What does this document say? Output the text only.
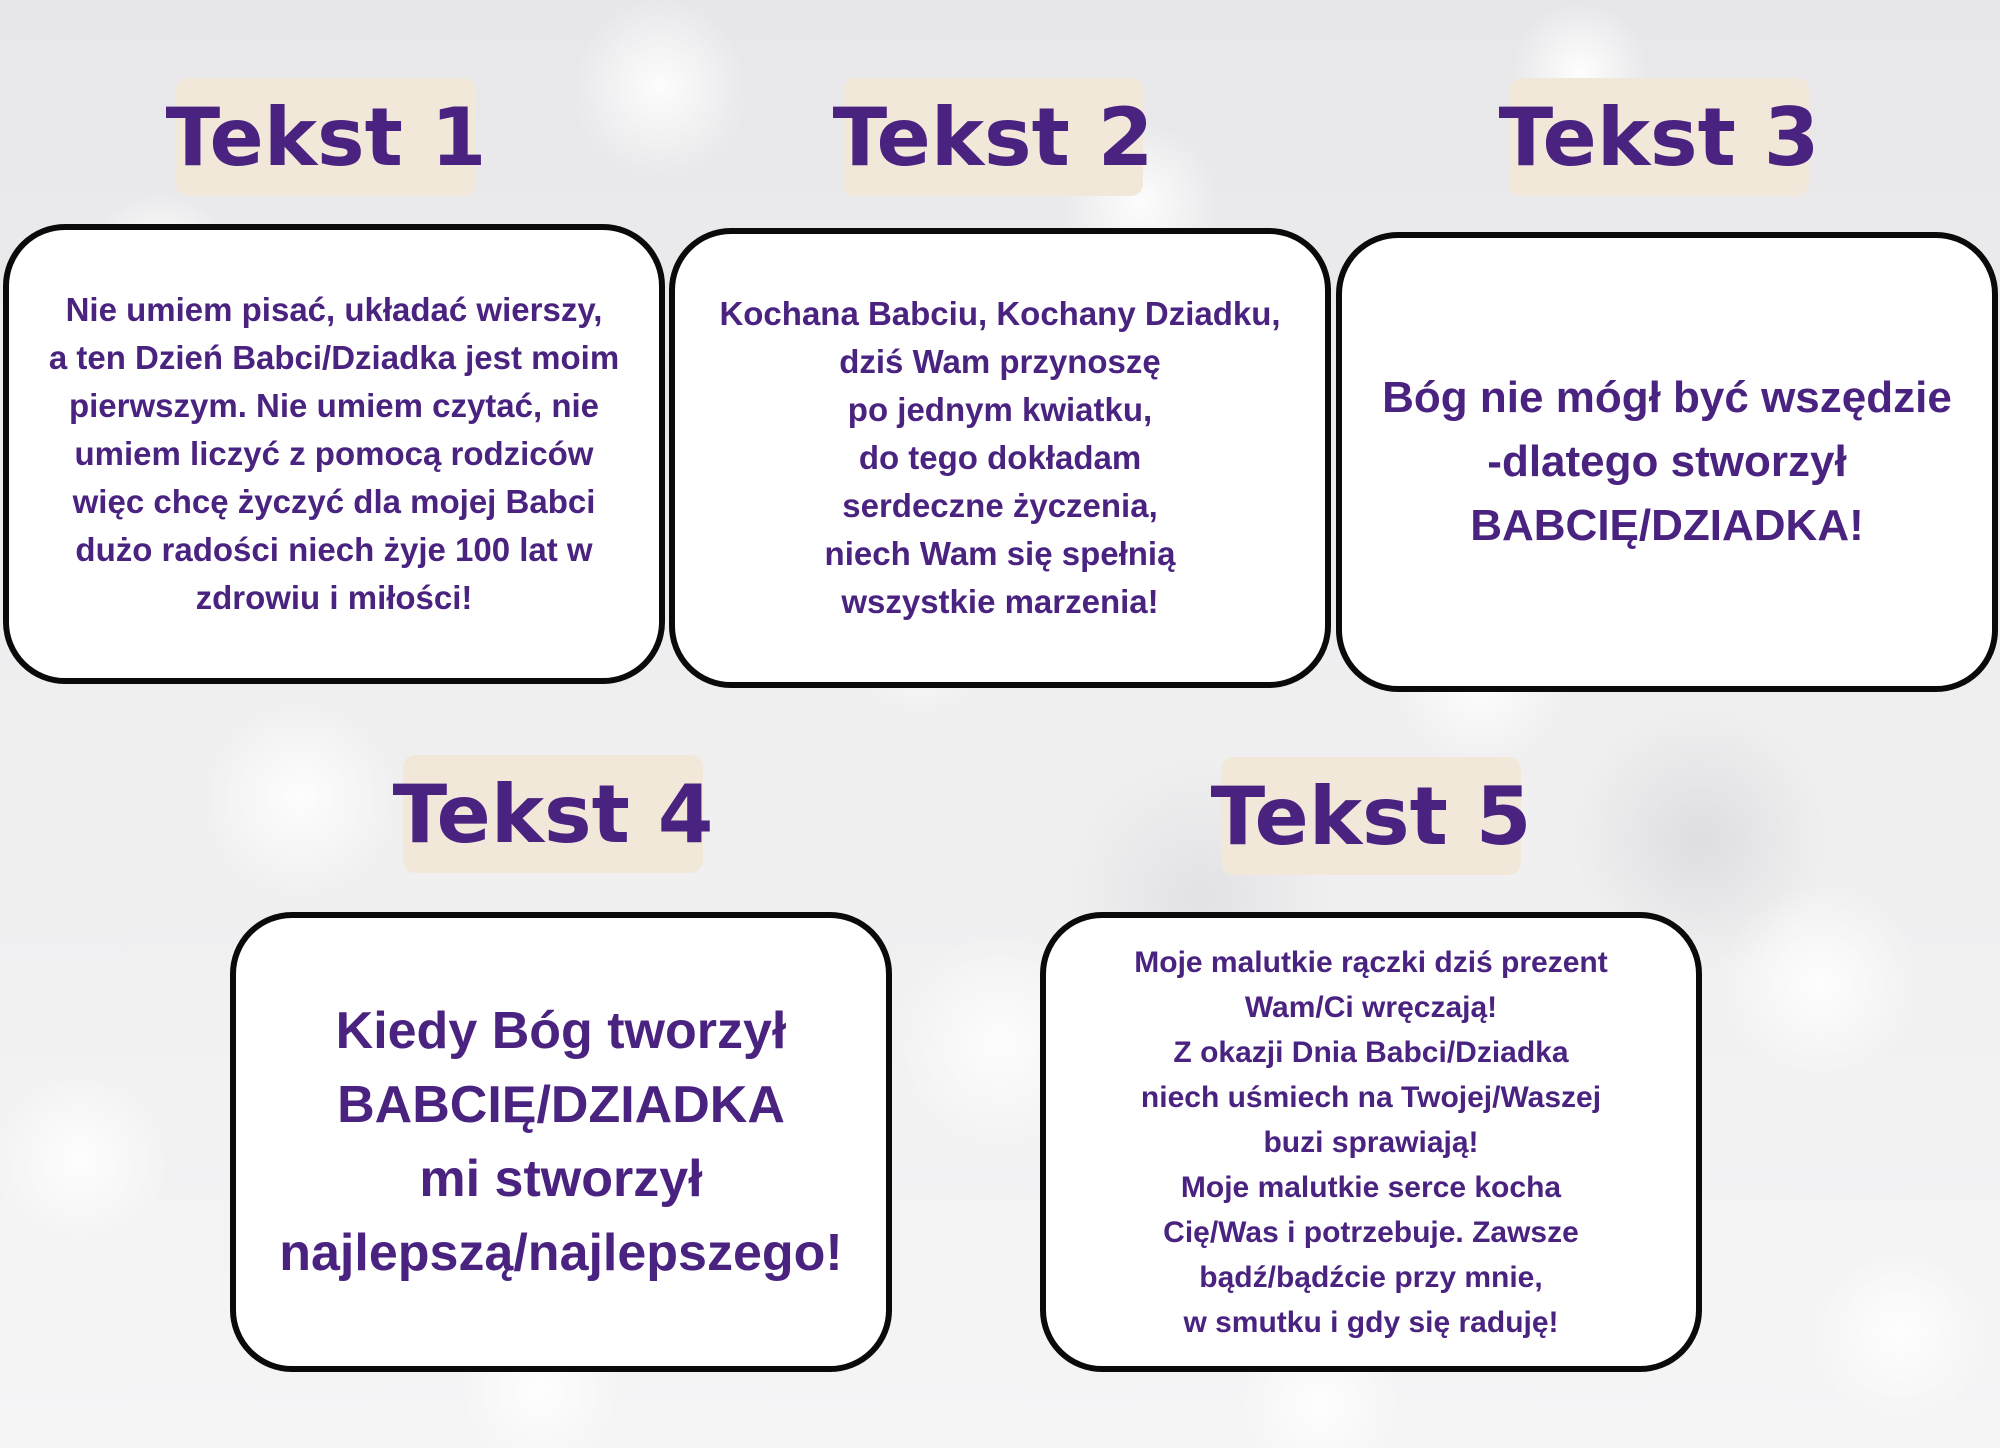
Tekst 1
Nie umiem pisać, układać wierszy,
a ten Dzień Babci/Dziadka jest moim
pierwszym. Nie umiem czytać, nie
umiem liczyć z pomocą rodziców
więc chcę życzyć dla mojej Babci
dużo radości niech żyje 100 lat w
zdrowiu i miłości!
Tekst 2
Kochana Babciu, Kochany Dziadku,
dziś Wam przynoszę
po jednym kwiatku,
do tego dokładam
serdeczne życzenia,
niech Wam się spełnią
wszystkie marzenia!
Tekst 3
Bóg nie mógł być wszędzie
-dlatego stworzył
BABCIĘ/DZIADKA!
Tekst 4
Kiedy Bóg tworzył
BABCIĘ/DZIADKA
mi stworzył
najlepszą/najlepszego!
Tekst 5
Moje malutkie rączki dziś prezent
Wam/Ci wręczają!
Z okazji Dnia Babci/Dziadka
niech uśmiech na Twojej/Waszej
buzi sprawiają!
Moje malutkie serce kocha
Cię/Was i potrzebuje. Zawsze
bądź/bądźcie przy mnie,
w smutku i gdy się raduję!
